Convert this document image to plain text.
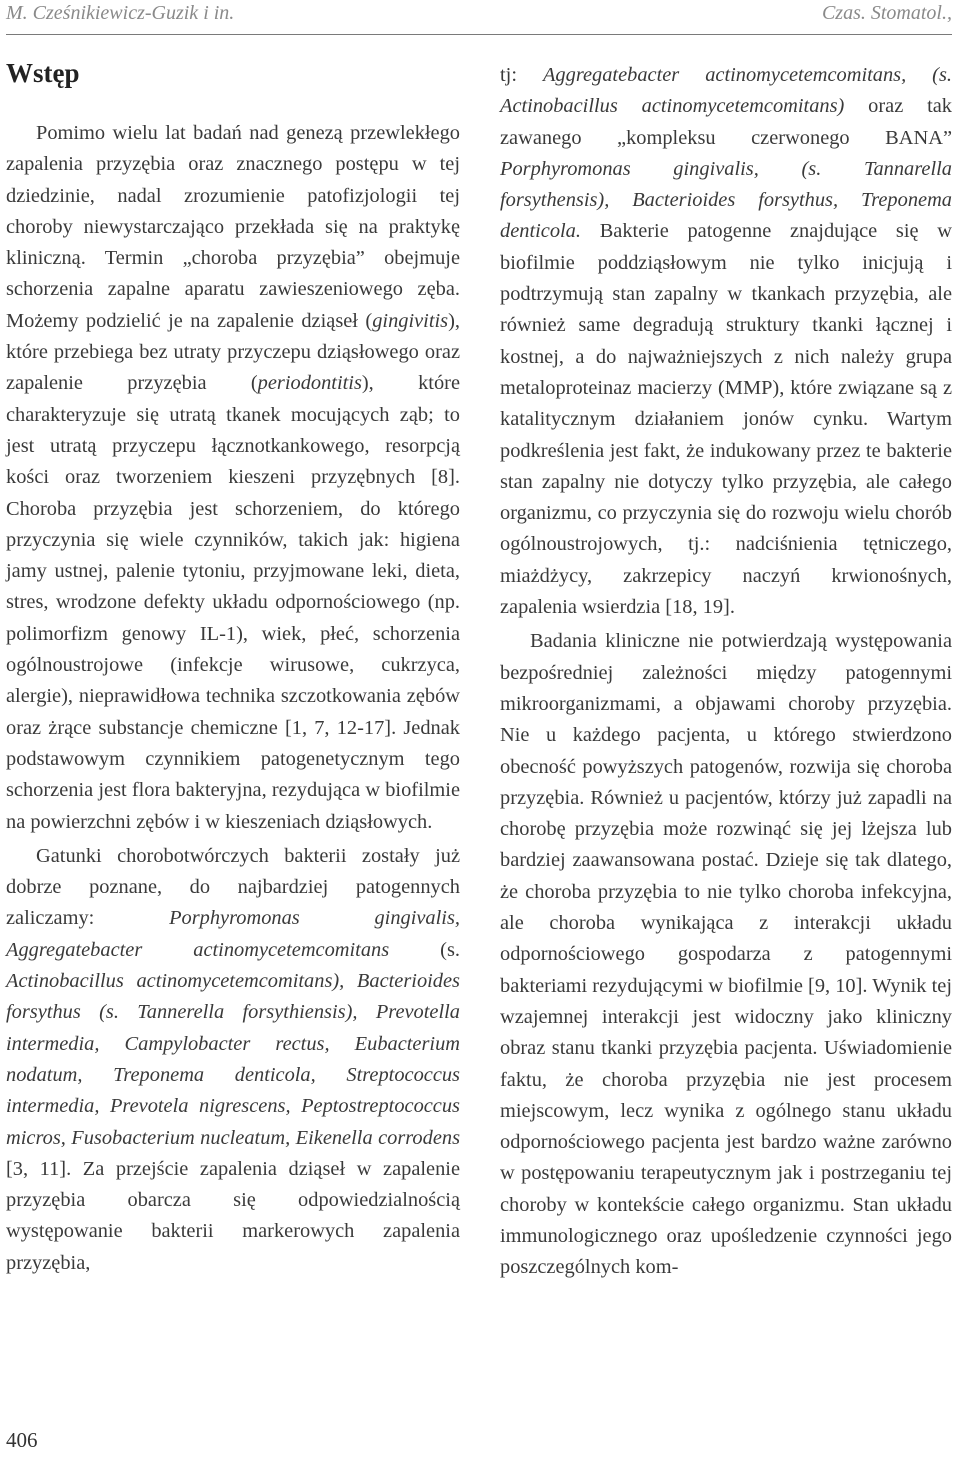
M. Cześnikiewicz-Guzik i in.	Czas. Stomatol.,
Wstęp

Pomimo wielu lat badań nad genezą przewlekłego zapalenia przyzębia oraz znacznego postępu w tej dziedzinie, nadal zrozumienie patofizjologii tej choroby niewystarczająco przekłada się na praktykę kliniczną. Termin „choroba przyzębia” obejmuje schorzenia zapalne aparatu zawieszeniowego zęba. Możemy podzielić je na zapalenie dziąseł (gingivitis), które przebiega bez utraty przyczepu dziąsłowego oraz zapalenie przyzębia (periodontitis), które charakteryzuje się utratą tkanek mocujących ząb; to jest utratą przyczepu łącznotkankowego, resorpcją kości oraz tworzeniem kieszeni przyzębnych [8]. Choroba przyzębia jest schorzeniem, do którego przyczynia się wiele czynników, takich jak: higiena jamy ustnej, palenie tytoniu, przyjmowane leki, dieta, stres, wrodzone defekty układu odpornościowego (np. polimorfizm genowy IL-1), wiek, płeć, schorzenia ogólnoustrojowe (infekcje wirusowe, cukrzyca, alergie), nieprawidłowa technika szczotkowania zębów oraz żrące substancje chemiczne [1, 7, 12-17]. Jednak podstawowym czynnikiem patogenetycznym tego schorzenia jest flora bakteryjna, rezydująca w biofilmie na powierzchni zębów i w kieszeniach dziąsłowych.

Gatunki chorobotwórczych bakterii zostały już dobrze poznane, do najbardziej patogennych zaliczamy: Porphyromonas gingivalis, Aggregatebacter actinomycetemcomitans (s. Actinobacillus actinomycetemcomitans), Bacterioides forsythus (s. Tannerella forsythiensis), Prevotella intermedia, Campylobacter rectus, Eubacterium nodatum, Treponema denticola, Streptococcus intermedia, Prevotela nigrescens, Peptostreptococcus micros, Fusobacterium nucleatum, Eikenella corrodens [3, 11]. Za przejście zapalenia dziąseł w zapalenie przyzębia obarcza się odpowiedzialnością występowanie bakterii markerowych zapalenia przyzębia,

tj: Aggregatebacter actinomycetemcomitans, (s. Actinobacillus actinomycetemcomitans) oraz tak zawanego „kompleksu czerwonego BANA” Porphyromonas gingivalis, (s. Tannarella forsythensis), Bacterioides forsythus, Treponema denticola. Bakterie patogenne znajdujące się w biofilmie poddziąsłowym nie tylko inicjują i podtrzymują stan zapalny w tkankach przyzębia, ale również same degradują struktury tkanki łącznej i kostnej, a do najważniejszych z nich należy grupa metaloproteinaz macierzy (MMP), które związane są z katalitycznym działaniem jonów cynku. Wartym podkreślenia jest fakt, że indukowany przez te bakterie stan zapalny nie dotyczy tylko przyzębia, ale całego organizmu, co przyczynia się do rozwoju wielu chorób ogólnoustrojowych, tj.: nadciśnienia tętniczego, miażdżycy, zakrzepicy naczyń krwionośnych, zapalenia wsierdzia [18, 19].

Badania kliniczne nie potwierdzają występowania bezpośredniej zależności między patogennymi mikroorganizmami, a objawami choroby przyzębia. Nie u każdego pacjenta, u którego stwierdzono obecność powyższych patogenów, rozwija się choroba przyzębia. Również u pacjentów, którzy już zapadli na chorobę przyzębia może rozwinąć się jej lżejsza lub bardziej zaawansowana postać. Dzieje się tak dlatego, że choroba przyzębia to nie tylko choroba infekcyjna, ale choroba wynikająca z interakcji układu odpornościowego gospodarza z patogennymi bakteriami rezydującymi w biofilmie [9, 10]. Wynik tej wzajemnej interakcji jest widoczny jako kliniczny obraz stanu tkanki przyzębia pacjenta. Uświadomienie faktu, że choroba przyzębia nie jest procesem miejscowym, lecz wynika z ogólnego stanu układu odpornościowego pacjenta jest bardzo ważne zarówno w postępowaniu terapeutycznym jak i postrzeganiu tej choroby w kontekście całego organizmu. Stan układu immunologicznego oraz upośledzenie czynności jego poszczególnych kom-

406
